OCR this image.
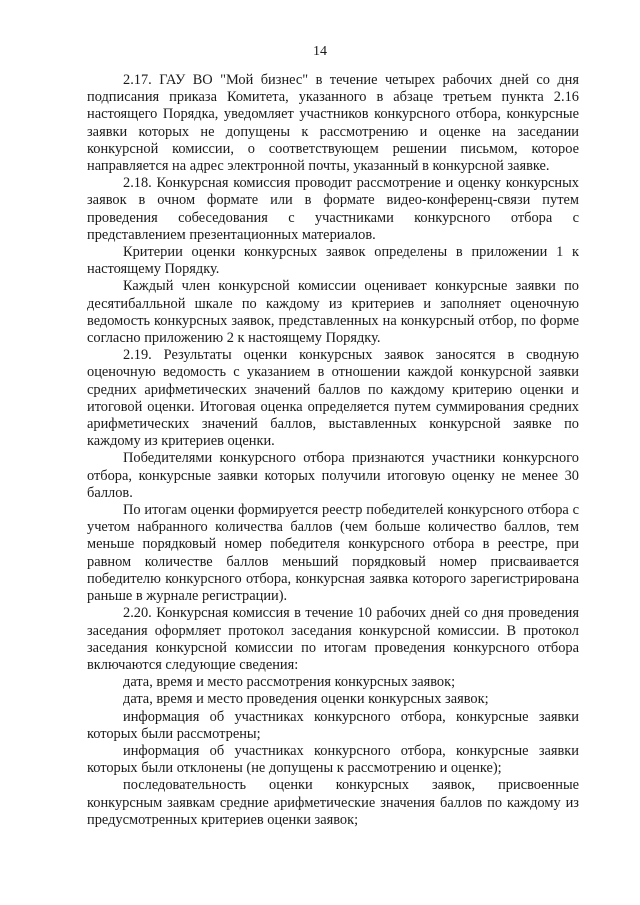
14

2.17. ГАУ ВО "Мой бизнес" в течение четырех рабочих дней со дня подписания приказа Комитета, указанного в абзаце третьем пункта 2.16 настоящего Порядка, уведомляет участников конкурсного отбора, конкурсные заявки которых не допущены к рассмотрению и оценке на заседании конкурсной комиссии, о соответствующем решении письмом, которое направляется на адрес электронной почты, указанный в конкурсной заявке.

2.18. Конкурсная комиссия проводит рассмотрение и оценку конкурсных заявок в очном формате или в формате видео-конференц-связи путем проведения собеседования с участниками конкурсного отбора с представлением презентационных материалов.

Критерии оценки конкурсных заявок определены в приложении 1 к настоящему Порядку.

Каждый член конкурсной комиссии оценивает конкурсные заявки по десятибалльной шкале по каждому из критериев и заполняет оценочную ведомость конкурсных заявок, представленных на конкурсный отбор, по форме согласно приложению 2 к настоящему Порядку.

2.19. Результаты оценки конкурсных заявок заносятся в сводную оценочную ведомость с указанием в отношении каждой конкурсной заявки средних арифметических значений баллов по каждому критерию оценки и итоговой оценки. Итоговая оценка определяется путем суммирования средних арифметических значений баллов, выставленных конкурсной заявке по каждому из критериев оценки.

Победителями конкурсного отбора признаются участники конкурсного отбора, конкурсные заявки которых получили итоговую оценку не менее 30 баллов.

По итогам оценки формируется реестр победителей конкурсного отбора с учетом набранного количества баллов (чем больше количество баллов, тем меньше порядковый номер победителя конкурсного отбора в реестре, при равном количестве баллов меньший порядковый номер присваивается победителю конкурсного отбора, конкурсная заявка которого зарегистрирована раньше в журнале регистрации).

2.20. Конкурсная комиссия в течение 10 рабочих дней со дня проведения заседания оформляет протокол заседания конкурсной комиссии. В протокол заседания конкурсной комиссии по итогам проведения конкурсного отбора включаются следующие сведения:

дата, время и место рассмотрения конкурсных заявок;

дата, время и место проведения оценки конкурсных заявок;

информация об участниках конкурсного отбора, конкурсные заявки которых были рассмотрены;

информация об участниках конкурсного отбора, конкурсные заявки которых были отклонены (не допущены к рассмотрению и оценке);

последовательность оценки конкурсных заявок, присвоенные конкурсным заявкам средние арифметические значения баллов по каждому из предусмотренных критериев оценки заявок;
